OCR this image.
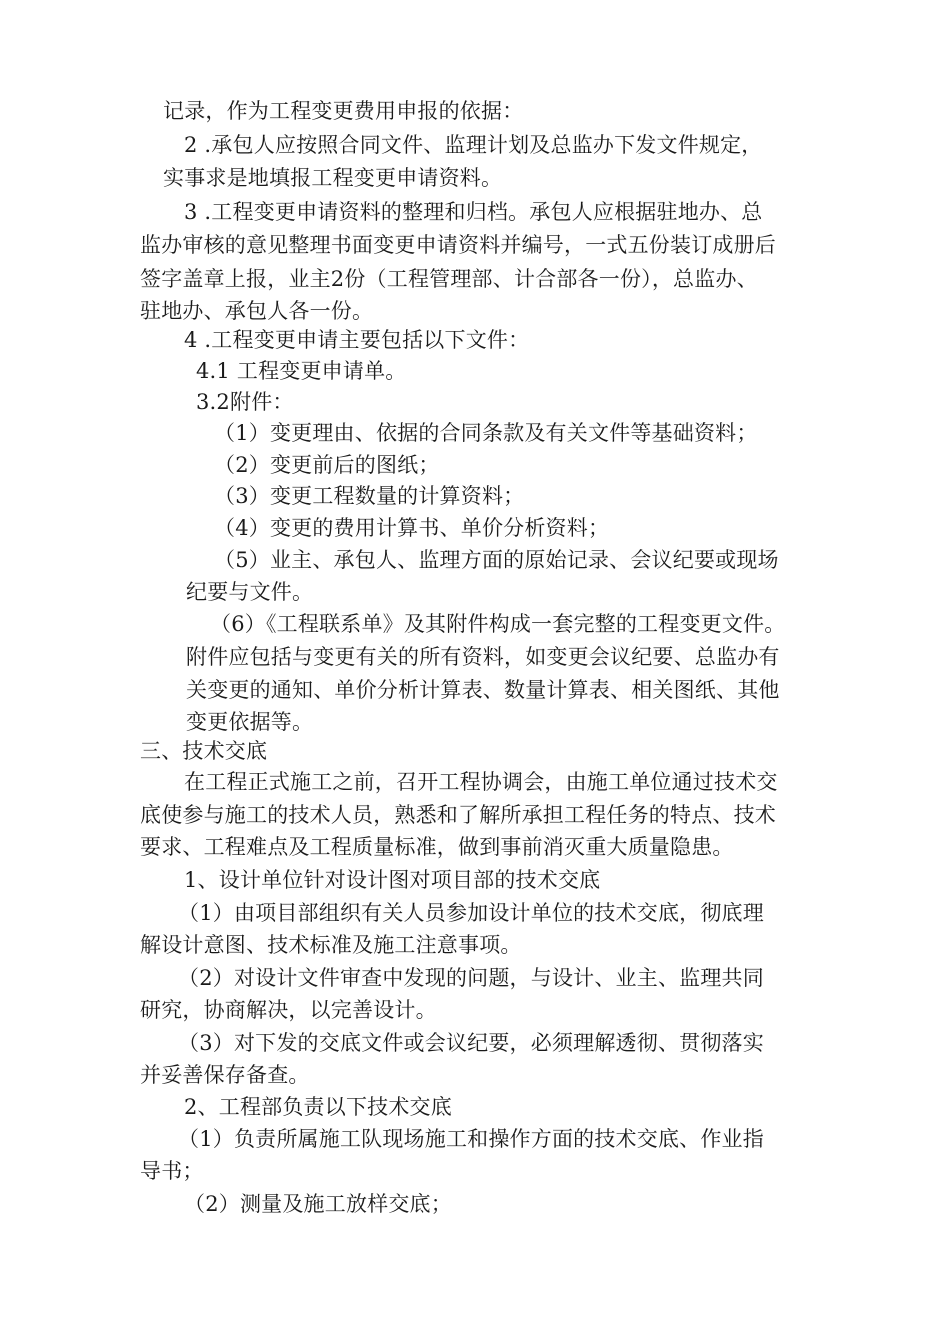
记录，作为工程变更费用申报的依据：
2 .承包人应按照合同文件、监理计划及总监办下发文件规定，
实事求是地填报工程变更申请资料。
3 .工程变更申请资料的整理和归档。承包人应根据驻地办、总
监办审核的意见整理书面变更申请资料并编号，一式五份装订成册后
签字盖章上报，业主2份（工程管理部、计合部各一份），总监办、
驻地办、承包人各一份。
4 .工程变更申请主要包括以下文件：
4.1 工程变更申请单。
3.2附件：
（1）变更理由、依据的合同条款及有关文件等基础资料；
（2）变更前后的图纸；
（3）变更工程数量的计算资料；
（4）变更的费用计算书、单价分析资料；
（5）业主、承包人、监理方面的原始记录、会议纪要或现场
纪要与文件。
（6）《工程联系单》及其附件构成一套完整的工程变更文件。
附件应包括与变更有关的所有资料，如变更会议纪要、总监办有
关变更的通知、单价分析计算表、数量计算表、相关图纸、其他
变更依据等。
三、技术交底
在工程正式施工之前，召开工程协调会，由施工单位通过技术交
底使参与施工的技术人员，熟悉和了解所承担工程任务的特点、技术
要求、工程难点及工程质量标准，做到事前消灭重大质量隐患。
1、设计单位针对设计图对项目部的技术交底
（1）由项目部组织有关人员参加设计单位的技术交底，彻底理
解设计意图、技术标准及施工注意事项。
（2）对设计文件审查中发现的问题，与设计、业主、监理共同
研究，协商解决，以完善设计。
（3）对下发的交底文件或会议纪要，必须理解透彻、贯彻落实
并妥善保存备查。
2、工程部负责以下技术交底
（1）负责所属施工队现场施工和操作方面的技术交底、作业指
导书；
（2）测量及施工放样交底；
